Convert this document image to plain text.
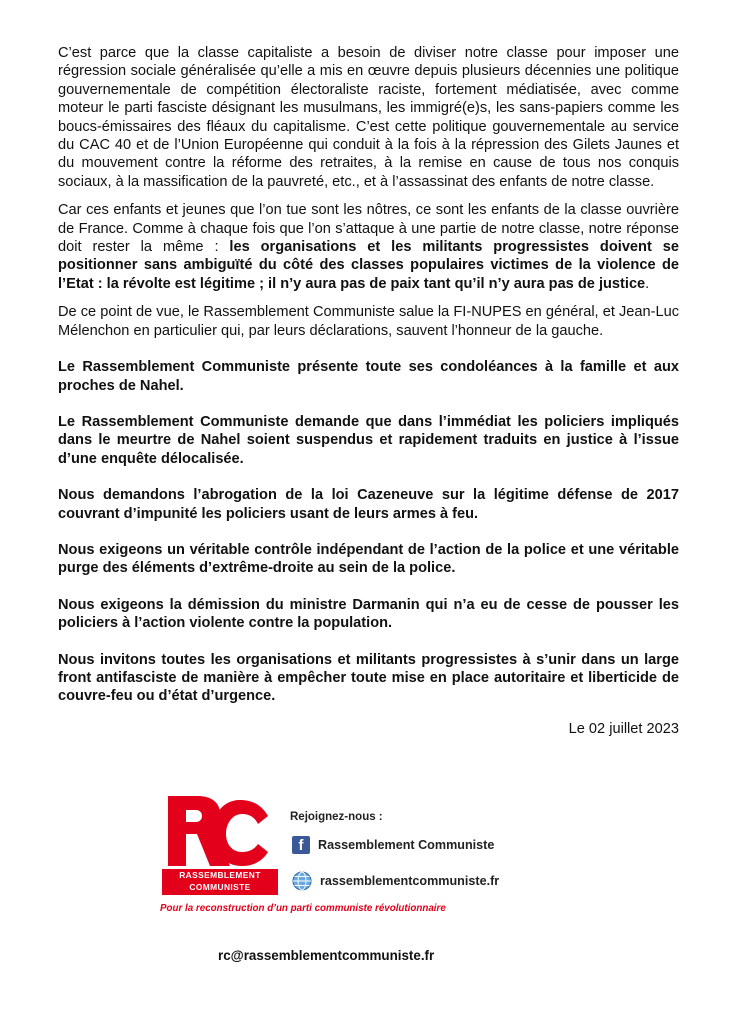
C’est parce que la classe capitaliste a besoin de diviser notre classe pour imposer une régression sociale généralisée qu’elle a mis en œuvre depuis plusieurs décennies une politique gouvernementale de compétition électoraliste raciste, fortement médiatisée, avec comme moteur le parti fasciste désignant les musulmans, les immigré(e)s, les sans-papiers comme les boucs-émissaires des fléaux du capitalisme. C’est cette politique gouvernementale au service du CAC 40 et de l’Union Européenne qui conduit à la fois à la répression des Gilets Jaunes et du mouvement contre la réforme des retraites, à la remise en cause de tous nos conquis sociaux, à la massification de la pauvreté, etc., et à l’assassinat des enfants de notre classe.

Car ces enfants et jeunes que l’on tue sont les nôtres, ce sont les enfants de la classe ouvrière de France. Comme à chaque fois que l’on s’attaque à une partie de notre classe, notre réponse doit rester la même : les organisations et les militants progressistes doivent se positionner sans ambiguïté du côté des classes populaires victimes de la violence de l’Etat : la révolte est légitime ; il n’y aura pas de paix tant qu’il n’y aura pas de justice.

De ce point de vue, le Rassemblement Communiste salue la FI-NUPES en général, et Jean-Luc Mélenchon en particulier qui, par leurs déclarations, sauvent l’honneur de la gauche.

Le Rassemblement Communiste présente toute ses condoléances à la famille et aux proches de Nahel.

Le Rassemblement Communiste demande que dans l’immédiat les policiers impliqués dans le meurtre de Nahel soient suspendus et rapidement traduits en justice à l’issue d’une enquête délocalisée.

Nous demandons l’abrogation de la loi Cazeneuve sur la légitime défense de 2017 couvrant d’impunité les policiers usant de leurs armes à feu.

Nous exigeons un véritable contrôle indépendant de l’action de la police et une véritable purge des éléments d’extrême-droite au sein de la police.

Nous exigeons la démission du ministre Darmanin qui n’a eu de cesse de pousser les policiers à l’action violente contre la population.

Nous invitons toutes les organisations et militants progressistes à s’unir dans un large front antifasciste de manière à empêcher toute mise en place autoritaire et liberticide de couvre-feu ou d’état d’urgence.

Le 02 juillet 2023
RASSEMBLEMENT
COMMUNISTE
Rejoignez-nous :
f	Rassemblement Communiste
rassemblementcommuniste.fr
Pour la reconstruction d’un parti communiste révolutionnaire
rc@rassemblementcommuniste.fr
